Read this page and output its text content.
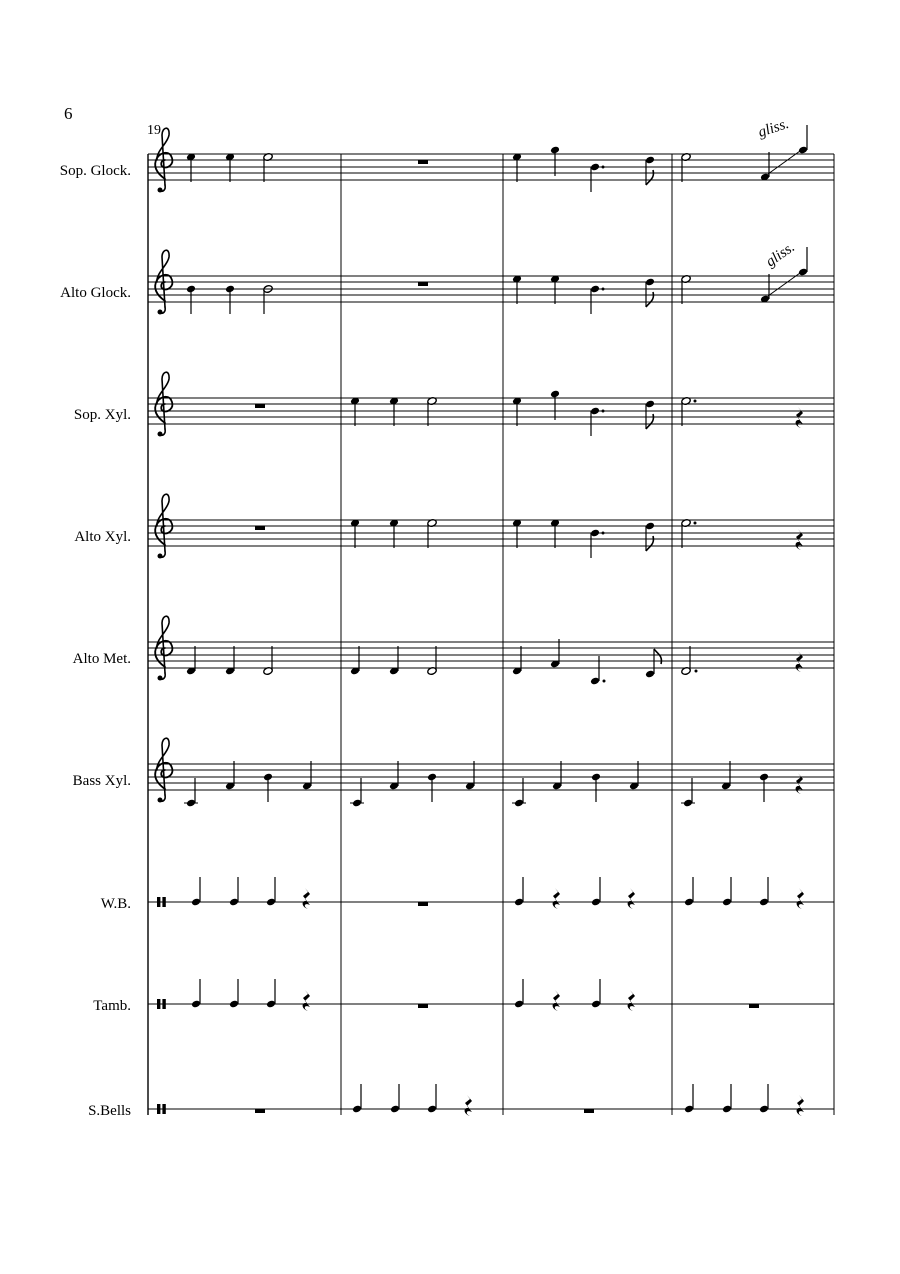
6
19
Sop. Glock.
Alto Glock.
Sop. Xyl.
Alto Xyl.
Alto Met.
Bass Xyl.
W.B.
Tamb.
S.Bells
gliss.
gliss.
